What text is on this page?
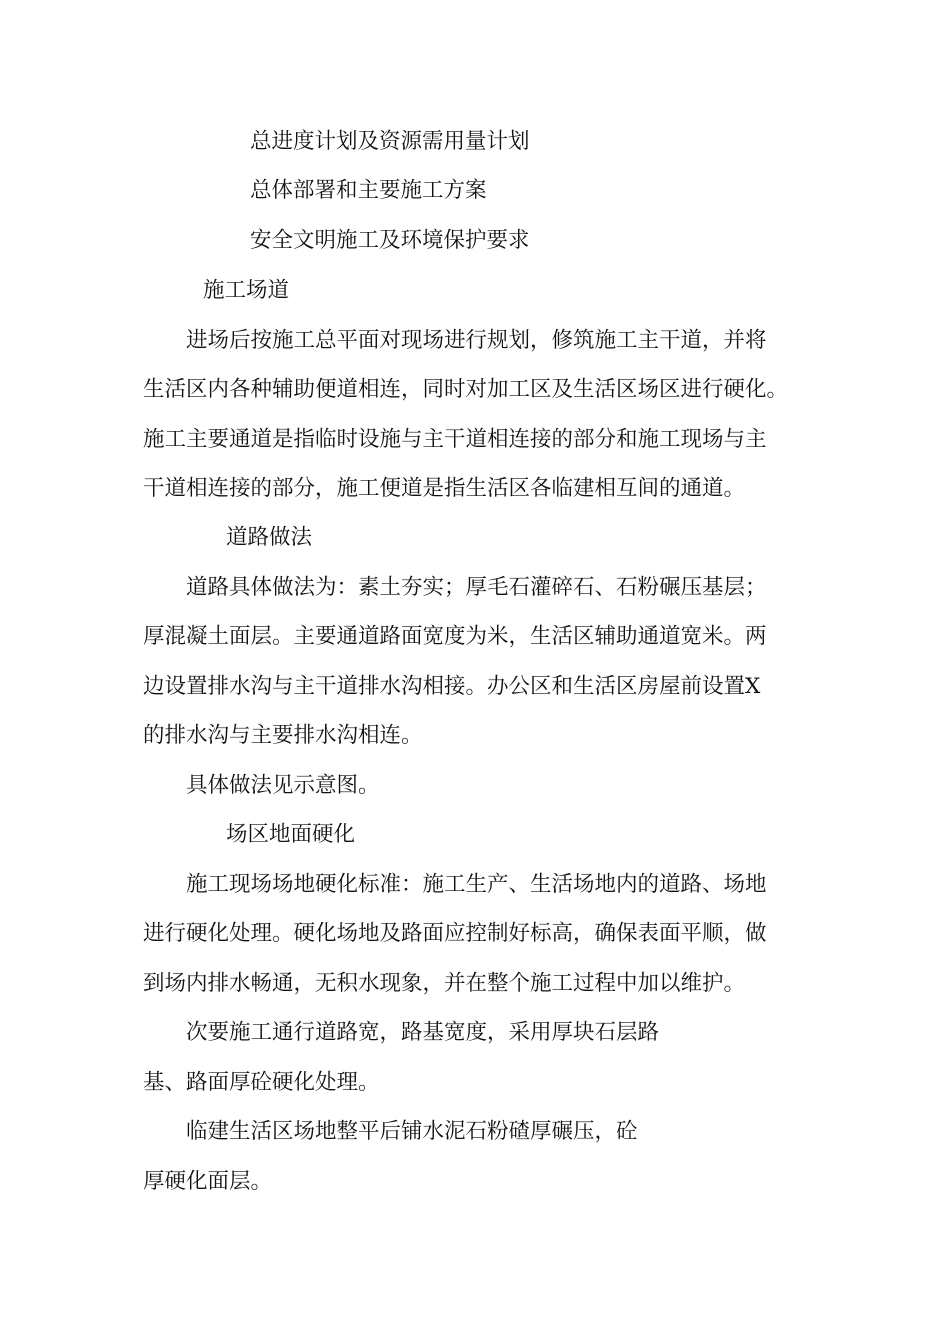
总进度计划及资源需用量计划

总体部署和主要施工方案

安全文明施工及环境保护要求

施工场道

进场后按施工总平面对现场进行规划，修筑施工主干道，并将

生活区内各种辅助便道相连，同时对加工区及生活区场区进行硬化。

施工主要通道是指临时设施与主干道相连接的部分和施工现场与主

干道相连接的部分，施工便道是指生活区各临建相互间的通道。

道路做法

道路具体做法为：素土夯实；厚毛石灌碎石、石粉碾压基层；

厚混凝土面层。主要通道路面宽度为米，生活区辅助通道宽米。两

边设置排水沟与主干道排水沟相接。办公区和生活区房屋前设置X

的排水沟与主要排水沟相连。

具体做法见示意图。

场区地面硬化

施工现场场地硬化标准：施工生产、生活场地内的道路、场地

进行硬化处理。硬化场地及路面应控制好标高，确保表面平顺，做

到场内排水畅通，无积水现象，并在整个施工过程中加以维护。

次要施工通行道路宽，路基宽度，采用厚块石层路

基、路面厚砼硬化处理。

临建生活区场地整平后铺水泥石粉碴厚碾压，砼

厚硬化面层。
